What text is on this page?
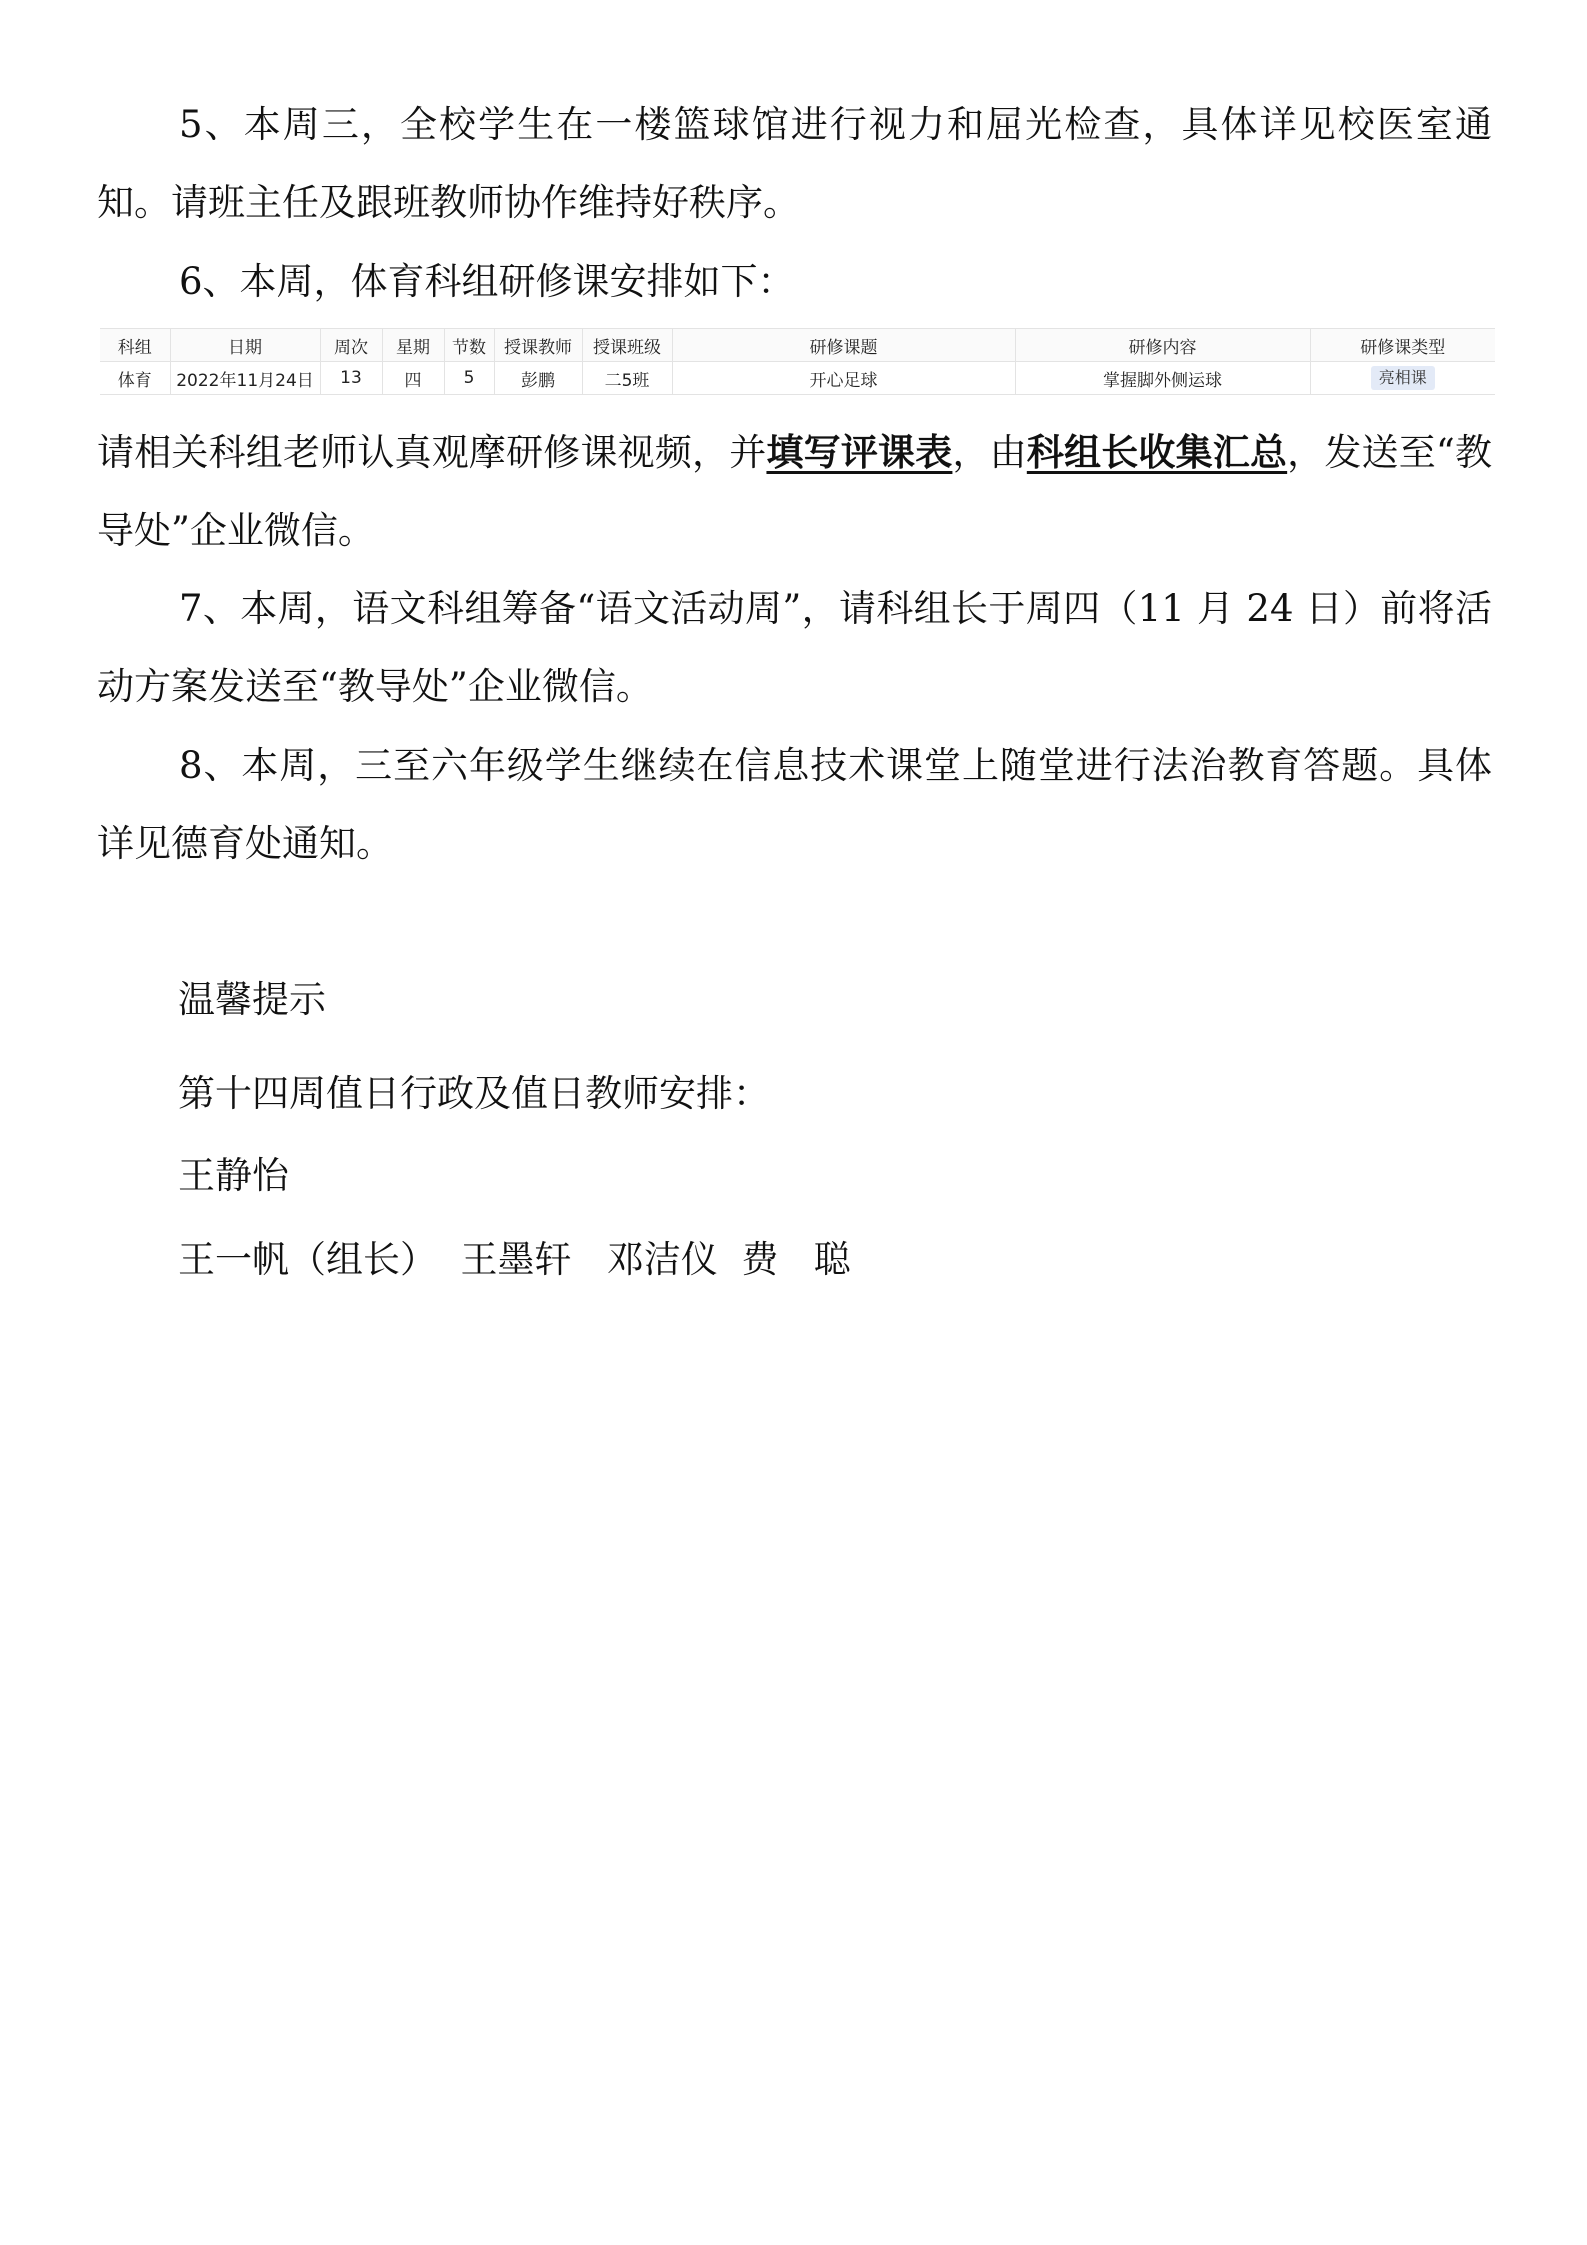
5、本周三，全校学生在一楼篮球馆进行视力和屈光检查，具体详见校医室通知。请班主任及跟班教师协作维持好秩序。

6、本周，体育科组研修课安排如下：

科组	日期	周次	星期	节数	授课教师	授课班级	研修课题	研修内容	研修课类型
体育	2022年11月24日	13	四	5	彭鹏	二5班	开心足球	掌握脚外侧运球	亮相课

请相关科组老师认真观摩研修课视频，并填写评课表，由科组长收集汇总，发送至“教导处”企业微信。

7、本周，语文科组筹备“语文活动周”，请科组长于周四（11 月 24 日）前将活动方案发送至“教导处”企业微信。

8、本周，三至六年级学生继续在信息技术课堂上随堂进行法治教育答题。具体详见德育处通知。

温馨提示

第十四周值日行政及值日教师安排：

王静怡

王一帆（组长）  王墨轩   邓洁仪  费   聪
